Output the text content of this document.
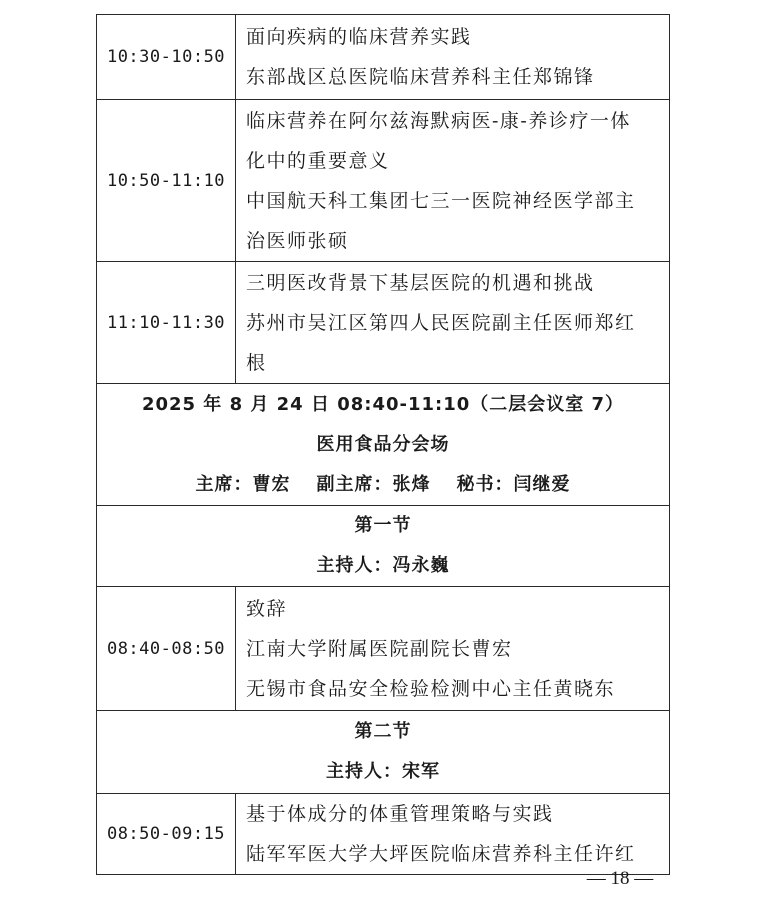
10:30-10:50	面向疾病的临床营养实践
东部战区总医院临床营养科主任郑锦锋

10:50-11:10	临床营养在阿尔兹海默病医-康-养诊疗一体
化中的重要意义
中国航天科工集团七三一医院神经医学部主
治医师张硕

11:10-11:30	三明医改背景下基层医院的机遇和挑战
苏州市吴江区第四人民医院副主任医师郑红
根

2025 年 8 月 24 日 08:40-11:10（二层会议室 7）
医用食品分会场
主席：曹宏 副主席：张烽 秘书：闫继爱	

第一节
主持人：冯永巍	

08:40-08:50	致辞
江南大学附属医院副院长曹宏
无锡市食品安全检验检测中心主任黄晓东

第二节
主持人：宋军	

08:50-09:15	基于体成分的体重管理策略与实践
陆军军医大学大坪医院临床营养科主任许红
— 18 —
